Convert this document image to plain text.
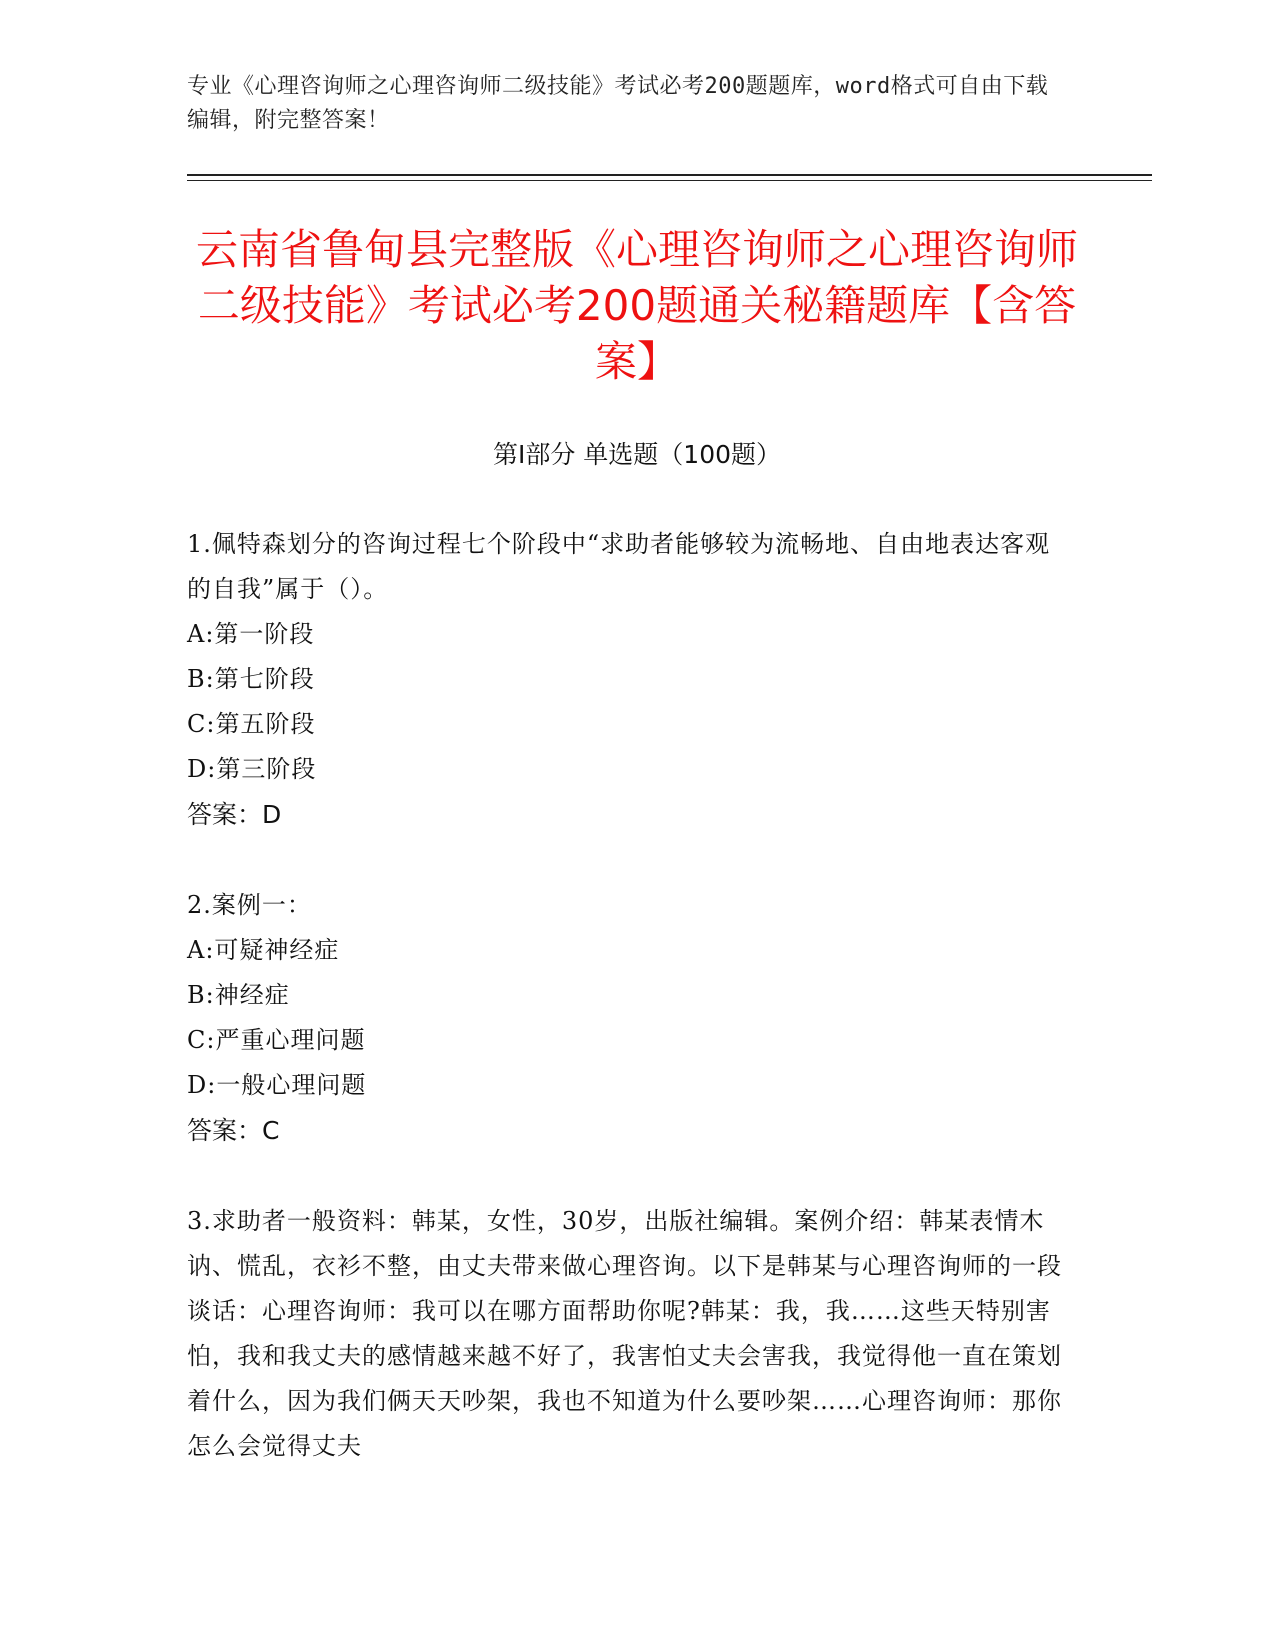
专业《心理咨询师之心理咨询师二级技能》考试必考200题题库，word格式可自由下载编辑，附完整答案！
云南省鲁甸县完整版《心理咨询师之心理咨询师二级技能》考试必考200题通关秘籍题库【含答案】
第Ⅰ部分 单选题（100题）
1.佩特森划分的咨询过程七个阶段中“求助者能够较为流畅地、自由地表达客观的自我”属于（）。
A:第一阶段
B:第七阶段
C:第五阶段
D:第三阶段
答案：D
2.案例一：
A:可疑神经症
B:神经症
C:严重心理问题
D:一般心理问题
答案：C
3.求助者一般资料：韩某，女性，30岁，出版社编辑。案例介绍：韩某表情木讷、慌乱，衣衫不整，由丈夫带来做心理咨询。以下是韩某与心理咨询师的一段谈话：心理咨询师：我可以在哪方面帮助你呢?韩某：我，我……这些天特别害怕，我和我丈夫的感情越来越不好了，我害怕丈夫会害我，我觉得他一直在策划着什么，因为我们俩天天吵架，我也不知道为什么要吵架……心理咨询师：那你怎么会觉得丈夫
